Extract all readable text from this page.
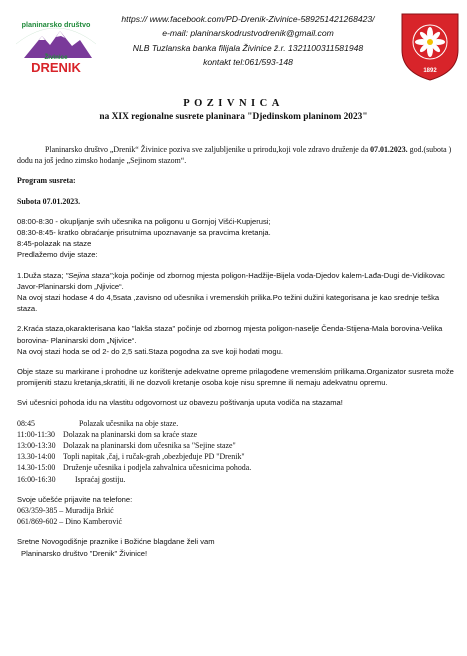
planinarsko društvo
Živinice
DRENIK
https:// www.facebook.com/PD-Drenik-Zivinice-589251421268423/
e-mail: planinarskodrustvodrenik@gmail.com
NLB Tuzlanska banka filijala Živinice ž.r. 1321100311581948
kontakt tel:061/593-148
1892
POZIVNICA
na XIX regionalne susrete planinara "Djedinskom planinom 2023"

Planinarsko društvo „Drenik“ Živinice poziva sve zaljubljenike u prirodu,koji vole zdravo druženje da 07.01.2023. god.(subota ) dođu na još jedno zimsko hodanje „Sejinom stazom“.

Program susreta:

Subota 07.01.2023.

08:00-8:30 - okupljanje svih učesnika na poligonu u Gornjoj Višći-Kupjerusi;

08:30-8:45- kratko obraćanje prisutnima upoznavanje sa pravcima kretanja.

8:45-polazak na staze

Predlažemo dvije staze:

1.Duža staza; "Sejina staza";koja počinje od zbornog mjesta poligon-Hadžije-Bijela voda-Djedov kalem-Lađa-Dugi de-Vidikovac Javor-Planinarski dom „Njivice“.

Na ovoj stazi hodase 4 do 4,5sata ,zavisno od učesnika i vremenskih prilika.Po težini dužini kategorisana je kao srednje teška staza.

2.Kraća staza,okarakterisana kao "lakša staza" počinje od zbornog mjesta poligon-naselje Čenda-Stijena-Mala borovina-Velika borovina- Planinarski dom „Njivice“.

Na ovoj stazi hoda se od 2- do 2,5 sati.Staza pogodna za sve koji hodati mogu.

Obje staze su markirane i prohodne uz korištenje adekvatne opreme prilagođene vremenskim prilikama.Organizator susreta može promijeniti stazu kretanja,skratiti, ili ne dozvoli kretanje osoba koje nisu spremne ili nemaju adekvatnu opremu.

Svi učesnici pohoda idu na vlastitu odgovornost uz obavezu poštivanja uputa vodiča na stazama!

08:45	Polazak učesnika na obje staze.
11:00-11:30	Dolazak na planinarski dom sa kraće staze
13:00-13:30 Dolazak na planinarski dom učesnika sa "Sejine staze"
13.30-14:00 Topli napitak ,čaj, i ručak-grah ,obezbjeđuje PD "Drenik"
14.30-15:00 Druženje učesnika i podjela zahvalnica učesnicima pohoda.
16:00-16:30	Ispraćaj gostiju.

Svoje učešće prijavite na telefone:

063/359-385 – Muradija Brkić

061/869-602 – Dino Kamberović

Sretne Novogodišnje praznike i Božićne blagdane želi vam

Planinarsko društvo "Drenik" Živinice!
